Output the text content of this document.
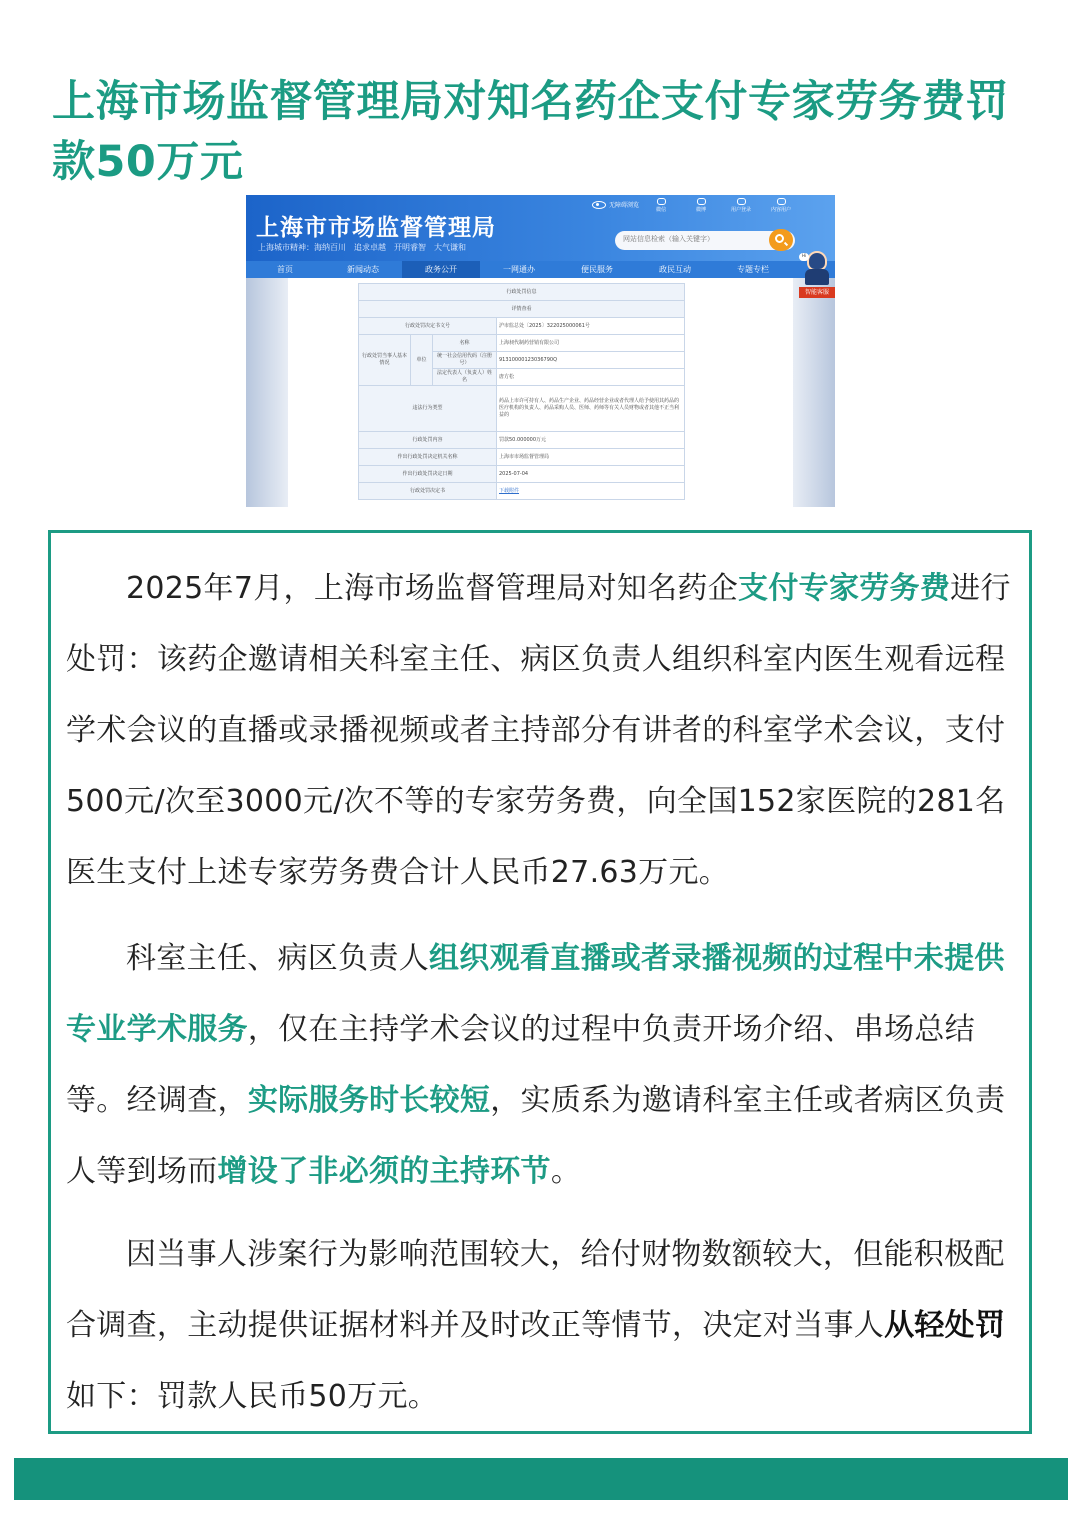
上海市场监督管理局对知名药企支付专家劳务费罚款50万元
上海市市场监督管理局
上海城市精神：海纳百川　追求卓越　开明睿智　大气谦和
无障碍浏览
微信	微博	用户登录	内容用户
网站信息检索（输入关键字）
首页	新闻动态	政务公开	一网通办	便民服务	政民互动	专题专栏
Hi
智能客服
行政处罚信息			
详情查看			
行政处罚决定书文号			沪市监总处〔2025〕322025000061号
行政处罚当事人基本情况	单位	名称	上海昶代制药营销有限公司
		统一社会信用代码（注册号）	91310000123036790Q
		法定代表人（负责人）姓名	唐方松
违法行为类型			药品上市许可持有人、药品生产企业、药品经营企业或者代理人给予使用其药品的医疗机构的负责人、药品采购人员、医师、药师等有关人员财物或者其他不正当利益的
行政处罚内容			罚款50.000000万元
作出行政处罚决定机关名称			上海市市场监督管理局
作出行政处罚决定日期			2025-07-04
行政处罚决定书			下载附件

2025年7月，上海市场监督管理局对知名药企支付专家劳务费进行处罚：该药企邀请相关科室主任、病区负责人组织科室内医生观看远程学术会议的直播或录播视频或者主持部分有讲者的科室学术会议，支付500元/次至3000元/次不等的专家劳务费，向全国152家医院的281名医生支付上述专家劳务费合计人民币27.63万元。

科室主任、病区负责人组织观看直播或者录播视频的过程中未提供专业学术服务，仅在主持学术会议的过程中负责开场介绍、串场总结等。经调查，实际服务时长较短，实质系为邀请科室主任或者病区负责人等到场而增设了非必须的主持环节。

因当事人涉案行为影响范围较大，给付财物数额较大，但能积极配合调查，主动提供证据材料并及时改正等情节，决定对当事人从轻处罚如下：罚款人民币50万元。
